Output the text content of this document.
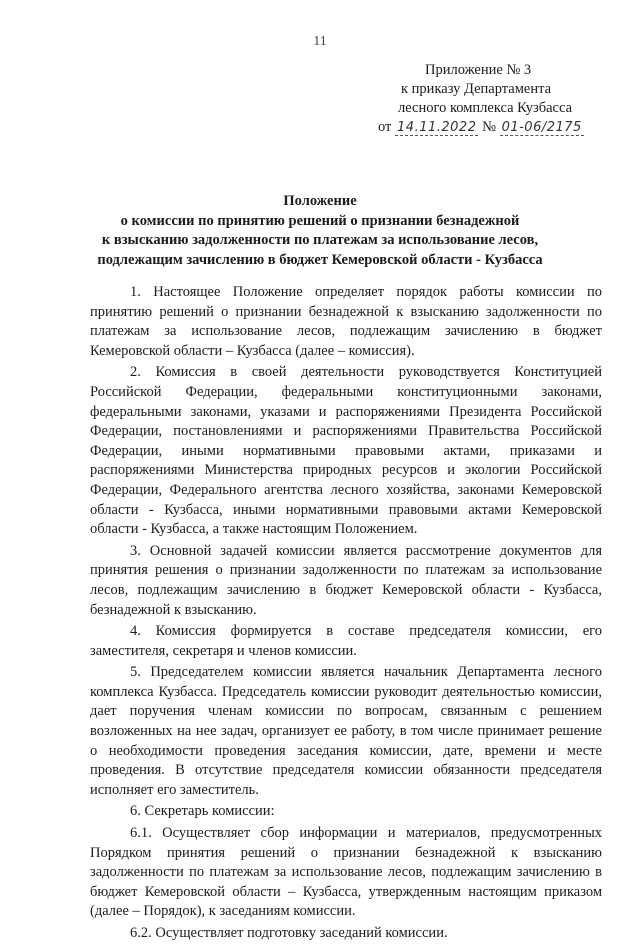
11
Приложение № 3
к приказу Департамента
лесного комплекса Кузбасса
от 14.11.2022 № 01-06/2175
Положение
о комиссии по принятию решений о признании безнадежной
к взысканию задолженности по платежам за использование лесов,
подлежащим зачислению в бюджет Кемеровской области - Кузбасса

1. Настоящее Положение определяет порядок работы комиссии по принятию решений о признании безнадежной к взысканию задолженности по платежам за использование лесов, подлежащим зачислению в бюджет Кемеровской области – Кузбасса (далее – комиссия).

2. Комиссия в своей деятельности руководствуется Конституцией Российской Федерации, федеральными конституционными законами, федеральными законами, указами и распоряжениями Президента Российской Федерации, постановлениями и распоряжениями Правительства Российской Федерации, иными нормативными правовыми актами, приказами и распоряжениями Министерства природных ресурсов и экологии Российской Федерации, Федерального агентства лесного хозяйства, законами Кемеровской области - Кузбасса, иными нормативными правовыми актами Кемеровской области - Кузбасса, а также настоящим Положением.

3. Основной задачей комиссии является рассмотрение документов для принятия решения о признании задолженности по платежам за использование лесов, подлежащим зачислению в бюджет Кемеровской области - Кузбасса, безнадежной к взысканию.

4. Комиссия формируется в составе председателя комиссии, его заместителя, секретаря и членов комиссии.

5. Председателем комиссии является начальник Департамента лесного комплекса Кузбасса. Председатель комиссии руководит деятельностью комиссии, дает поручения членам комиссии по вопросам, связанным с решением возложенных на нее задач, организует ее работу, в том числе принимает решение о необходимости проведения заседания комиссии, дате, времени и месте проведения. В отсутствие председателя комиссии обязанности председателя исполняет его заместитель.

6. Секретарь комиссии:

6.1. Осуществляет сбор информации и материалов, предусмотренных Порядком принятия решений о признании безнадежной к взысканию задолженности по платежам за использование лесов, подлежащим зачислению в бюджет Кемеровской области – Кузбасса, утвержденным настоящим приказом (далее – Порядок), к заседаниям комиссии.

6.2. Осуществляет подготовку заседаний комиссии.
